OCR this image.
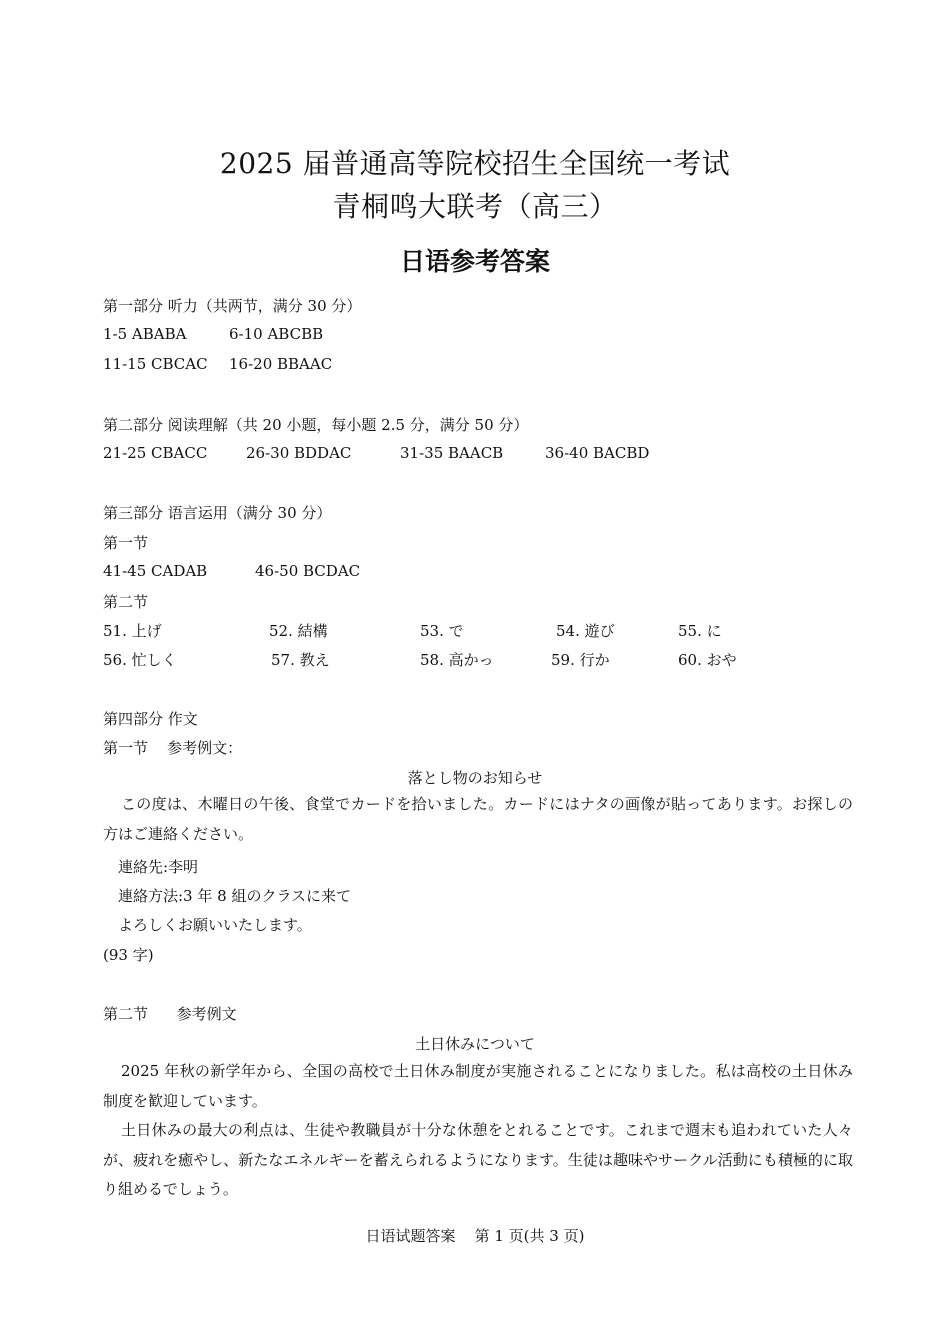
2025 届普通高等院校招生全国统一考试
青桐鸣大联考（高三）
日语参考答案
第一部分 听力（共两节，满分 30 分）
1-5 ABABA	6-10 ABCBB
11-15 CBCAC 16-20 BBAAC
第二部分 阅读理解（共 20 小题，每小题 2.5 分，满分 50 分）
21-25 CBACC	26-30 BDDAC	31-35 BAACB	36-40 BACBD
第三部分 语言运用（满分 30 分）
第一节
41-45 CADAB	46-50 BCDAC
第二节
51. 上げ	52. 結構	53. で	54. 遊び	55. に
56. 忙しく	57. 教え	58. 高かっ	59. 行か	60. おや
第四部分 作文
第一节    参考例文：
落とし物のお知らせ
この度は、木曜日の午後、食堂でカードを拾いました。カードにはナタの画像が貼ってあります。お探しの方はご連絡ください。
連絡先:李明
連絡方法:3 年 8 組のクラスに来て
よろしくお願いいたします。
(93 字)
第二节      参考例文
土日休みについて
2025 年秋の新学年から、全国の高校で土日休み制度が実施されることになりました。私は高校の土日休み制度を歓迎しています。
土日休みの最大の利点は、生徒や教職員が十分な休憩をとれることです。これまで週末も追われていた人々が、疲れを癒やし、新たなエネルギーを蓄えられるようになります。生徒は趣味やサークル活動にも積極的に取り組めるでしょう。
日语试题答案    第 1 页(共 3 页)
